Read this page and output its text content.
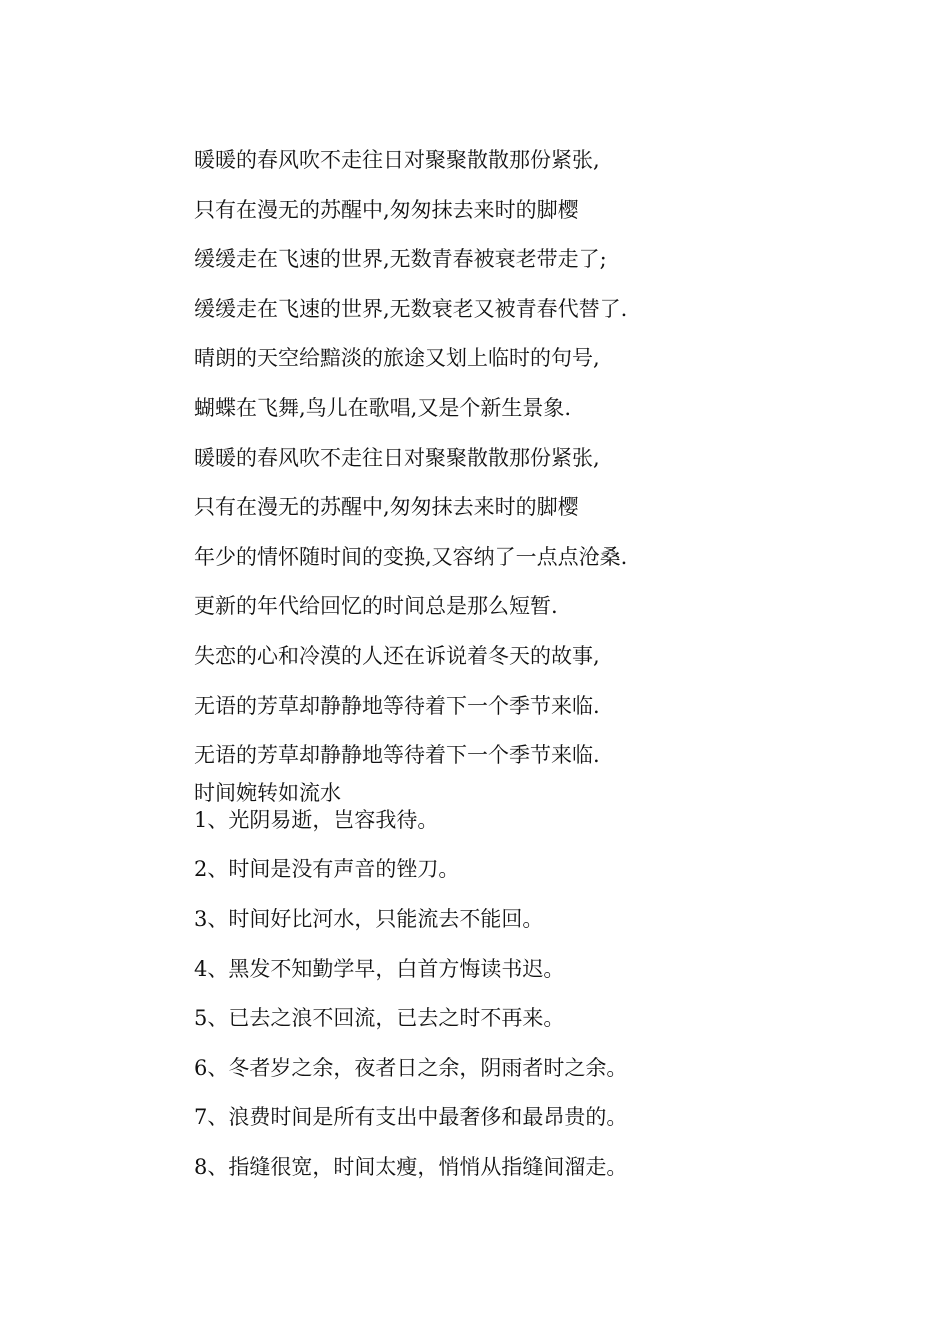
暖暖的春风吹不走往日对聚聚散散那份紧张,
只有在漫无的苏醒中,匆匆抹去来时的脚樱
缓缓走在飞速的世界,无数青春被衰老带走了;
缓缓走在飞速的世界,无数衰老又被青春代替了.
晴朗的天空给黯淡的旅途又划上临时的句号,
蝴蝶在飞舞,鸟儿在歌唱,又是个新生景象.
暖暖的春风吹不走往日对聚聚散散那份紧张,
只有在漫无的苏醒中,匆匆抹去来时的脚樱
年少的情怀随时间的变换,又容纳了一点点沧桑.
更新的年代给回忆的时间总是那么短暂.
失恋的心和冷漠的人还在诉说着冬天的故事,
无语的芳草却静静地等待着下一个季节来临.
无语的芳草却静静地等待着下一个季节来临.
时间婉转如流水
1、光阴易逝，岂容我待。
2、时间是没有声音的锉刀。
3、时间好比河水，只能流去不能回。
4、黑发不知勤学早，白首方悔读书迟。
5、已去之浪不回流，已去之时不再来。
6、冬者岁之余，夜者日之余，阴雨者时之余。
7、浪费时间是所有支出中最奢侈和最昂贵的。
8、指缝很宽，时间太瘦，悄悄从指缝间溜走。
